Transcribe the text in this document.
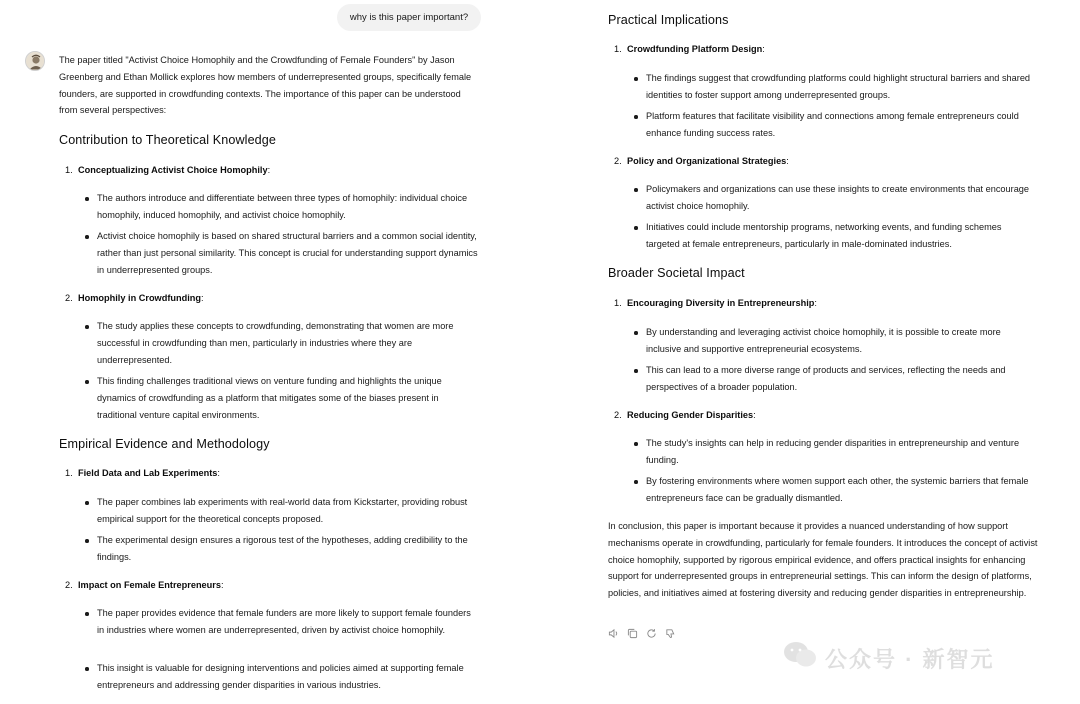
why is this paper important?

The paper titled "Activist Choice Homophily and the Crowdfunding of Female Founders" by Jason Greenberg and Ethan Mollick explores how members of underrepresented groups, specifically female founders, are supported in crowdfunding contexts. The importance of this paper can be understood from several perspectives:

Contribution to Theoretical Knowledge
1. Conceptualizing Activist Choice Homophily :
The authors introduce and differentiate between three types of homophily: individual choice homophily, induced homophily, and activist choice homophily.
Activist choice homophily is based on shared structural barriers and a common social identity, rather than just personal similarity. This concept is crucial for understanding support dynamics in underrepresented groups.
2. Homophily in Crowdfunding :
The study applies these concepts to crowdfunding, demonstrating that women are more successful in crowdfunding than men, particularly in industries where they are underrepresented.
This finding challenges traditional views on venture funding and highlights the unique dynamics of crowdfunding as a platform that mitigates some of the biases present in traditional venture capital environments.
Empirical Evidence and Methodology
1. Field Data and Lab Experiments :
The paper combines lab experiments with real-world data from Kickstarter, providing robust empirical support for the theoretical concepts proposed.
The experimental design ensures a rigorous test of the hypotheses, adding credibility to the findings.
2. Impact on Female Entrepreneurs :
The paper provides evidence that female funders are more likely to support female founders in industries where women are underrepresented, driven by activist choice homophily.
This insight is valuable for designing interventions and policies aimed at supporting female entrepreneurs and addressing gender disparities in various industries.
Practical Implications
1. Crowdfunding Platform Design :
The findings suggest that crowdfunding platforms could highlight structural barriers and shared identities to foster support among underrepresented groups.
Platform features that facilitate visibility and connections among female entrepreneurs could enhance funding success rates.
2. Policy and Organizational Strategies :
Policymakers and organizations can use these insights to create environments that encourage activist choice homophily.
Initiatives could include mentorship programs, networking events, and funding schemes targeted at female entrepreneurs, particularly in male-dominated industries.
Broader Societal Impact
1. Encouraging Diversity in Entrepreneurship :
By understanding and leveraging activist choice homophily, it is possible to create more inclusive and supportive entrepreneurial ecosystems.
This can lead to a more diverse range of products and services, reflecting the needs and perspectives of a broader population.
2. Reducing Gender Disparities :
The study's insights can help in reducing gender disparities in entrepreneurship and venture funding.
By fostering environments where women support each other, the systemic barriers that female entrepreneurs face can be gradually dismantled.

In conclusion, this paper is important because it provides a nuanced understanding of how support mechanisms operate in crowdfunding, particularly for female founders. It introduces the concept of activist choice homophily, supported by rigorous empirical evidence, and offers practical insights for enhancing support for underrepresented groups in entrepreneurial settings. This can inform the design of platforms, policies, and initiatives aimed at fostering diversity and reducing gender disparities in entrepreneurship.

公众号 · 新智元
